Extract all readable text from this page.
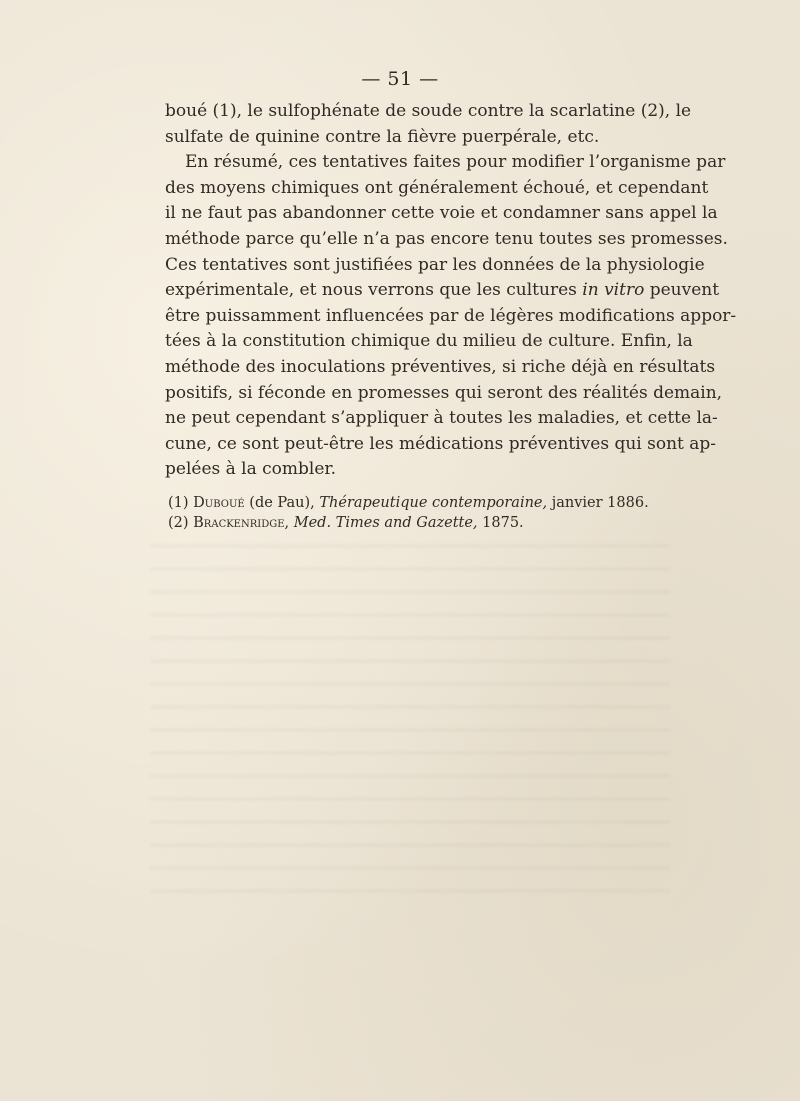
— 51 —
boué (1), le sulfophénate de soude contre la scarlatine (2), le
sulfate de quinine contre la fièvre puerpérale, etc.
En résumé, ces tentatives faites pour modifier l’organisme par
des moyens chimiques ont généralement échoué, et cependant
il ne faut pas abandonner cette voie et condamner sans appel la
méthode parce qu’elle n’a pas encore tenu toutes ses promesses.
Ces tentatives sont justifiées par les données de la physiologie
expérimentale, et nous verrons que les cultures in vitro peuvent
être puissamment influencées par de légères modifications appor-
tées à la constitution chimique du milieu de culture. Enfin, la
méthode des inoculations préventives, si riche déjà en résultats
positifs, si féconde en promesses qui seront des réalités demain,
ne peut cependant s’appliquer à toutes les maladies, et cette la-
cune, ce sont peut-être les médications préventives qui sont ap-
pelées à la combler.
(1) Duboué (de Pau), Thérapeutique contemporaine, janvier 1886.
(2) Brackenridge, Med. Times and Gazette, 1875.
